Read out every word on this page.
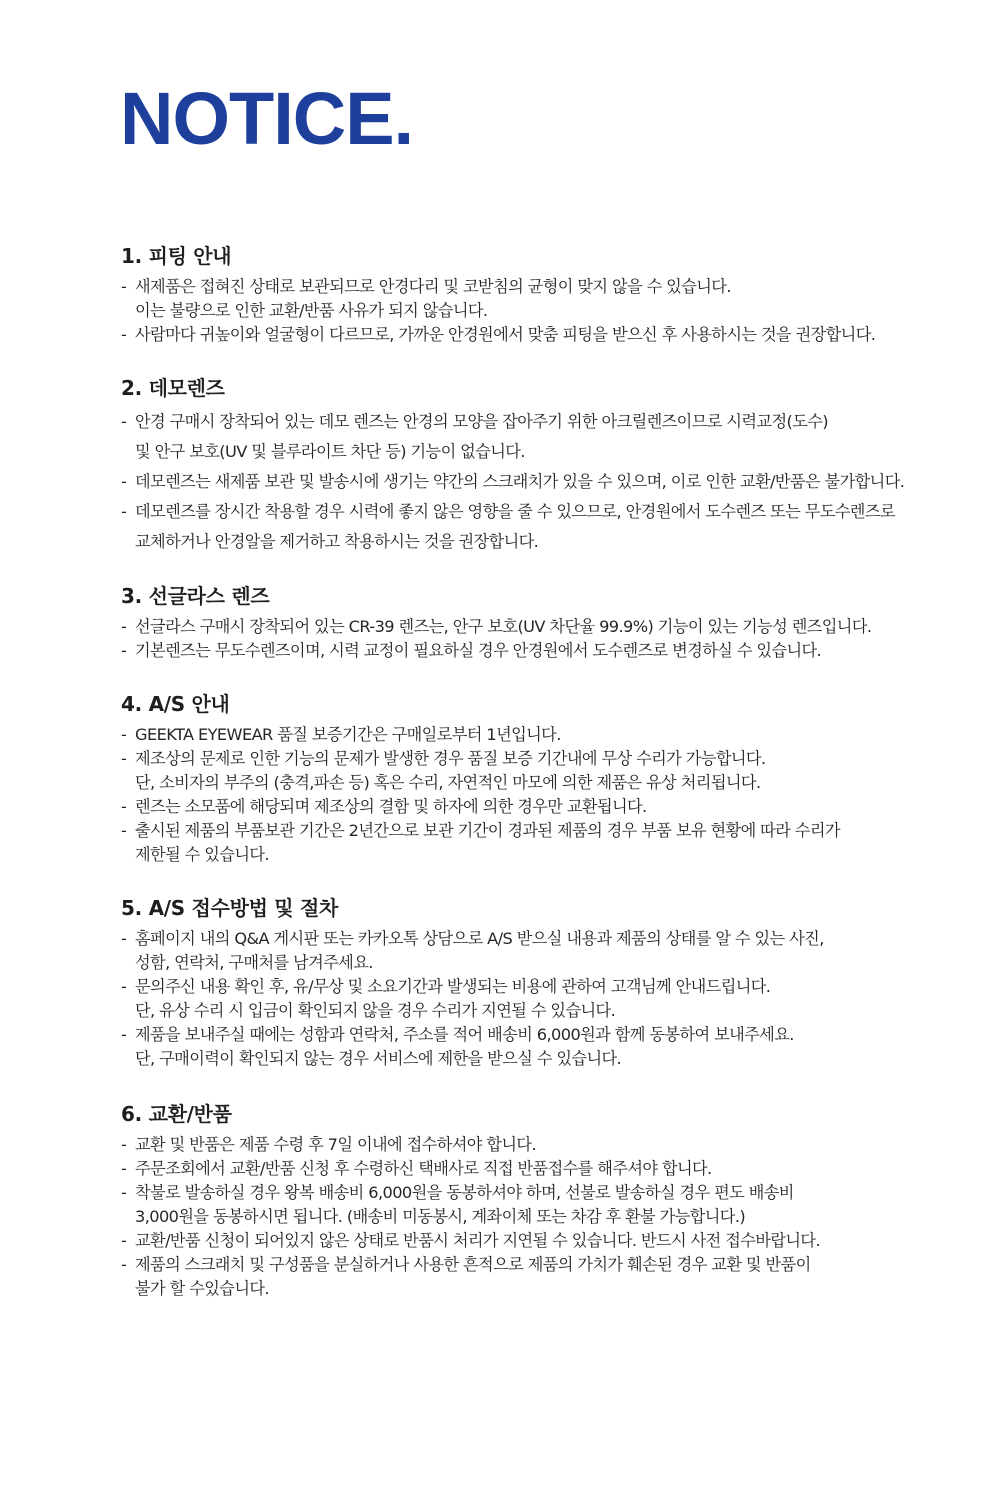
NOTICE.
1. 피팅 안내
- 새제품은 접혀진 상태로 보관되므로 안경다리 및 코받침의 균형이 맞지 않을 수 있습니다.
이는 불량으로 인한 교환/반품 사유가 되지 않습니다.
- 사람마다 귀높이와 얼굴형이 다르므로, 가까운 안경원에서 맞춤 피팅을 받으신 후 사용하시는 것을 권장합니다.
2. 데모렌즈
- 안경 구매시 장착되어 있는 데모 렌즈는 안경의 모양을 잡아주기 위한 아크릴렌즈이므로 시력교정(도수)
및 안구 보호(UV 및 블루라이트 차단 등) 기능이 없습니다.
- 데모렌즈는 새제품 보관 및 발송시에 생기는 약간의 스크래치가 있을 수 있으며, 이로 인한 교환/반품은 불가합니다.
- 데모렌즈를 장시간 착용할 경우 시력에 좋지 않은 영향을 줄 수 있으므로, 안경원에서 도수렌즈 또는 무도수렌즈로
교체하거나 안경알을 제거하고 착용하시는 것을 권장합니다.
3. 선글라스 렌즈
- 선글라스 구매시 장착되어 있는 CR-39 렌즈는, 안구 보호(UV 차단율 99.9%) 기능이 있는 기능성 렌즈입니다.
- 기본렌즈는 무도수렌즈이며, 시력 교정이 필요하실 경우 안경원에서 도수렌즈로 변경하실 수 있습니다.
4. A/S 안내
- GEEKTA EYEWEAR 품질 보증기간은 구매일로부터 1년입니다.
- 제조상의 문제로 인한 기능의 문제가 발생한 경우 품질 보증 기간내에 무상 수리가 가능합니다.
단, 소비자의 부주의 (충격,파손 등) 혹은 수리, 자연적인 마모에 의한 제품은 유상 처리됩니다.
- 렌즈는 소모품에 해당되며 제조상의 결함 및 하자에 의한 경우만 교환됩니다.
- 출시된 제품의 부품보관 기간은 2년간으로 보관 기간이 경과된 제품의 경우 부품 보유 현황에 따라 수리가
제한될 수 있습니다.
5. A/S 접수방법 및 절차
- 홈페이지 내의 Q&A 게시판 또는 카카오톡 상담으로 A/S 받으실 내용과 제품의 상태를 알 수 있는 사진,
성함, 연락처, 구매처를 남겨주세요.
- 문의주신 내용 확인 후, 유/무상 및 소요기간과 발생되는 비용에 관하여 고객님께 안내드립니다.
단, 유상 수리 시 입금이 확인되지 않을 경우 수리가 지연될 수 있습니다.
- 제품을 보내주실 때에는 성함과 연락처, 주소를 적어 배송비 6,000원과 함께 동봉하여 보내주세요.
단, 구매이력이 확인되지 않는 경우 서비스에 제한을 받으실 수 있습니다.
6. 교환/반품
- 교환 및 반품은 제품 수령 후 7일 이내에 접수하셔야 합니다.
- 주문조회에서 교환/반품 신청 후 수령하신 택배사로 직접 반품접수를 해주셔야 합니다.
- 착불로 발송하실 경우 왕복 배송비 6,000원을 동봉하셔야 하며, 선불로 발송하실 경우 편도 배송비
3,000원을 동봉하시면 됩니다. (배송비 미동봉시, 계좌이체 또는 차감 후 환불 가능합니다.)
- 교환/반품 신청이 되어있지 않은 상태로 반품시 처리가 지연될 수 있습니다. 반드시 사전 접수바랍니다.
- 제품의 스크래치 및 구성품을 분실하거나 사용한 흔적으로 제품의 가치가 훼손된 경우 교환 및 반품이
불가 할 수있습니다.
